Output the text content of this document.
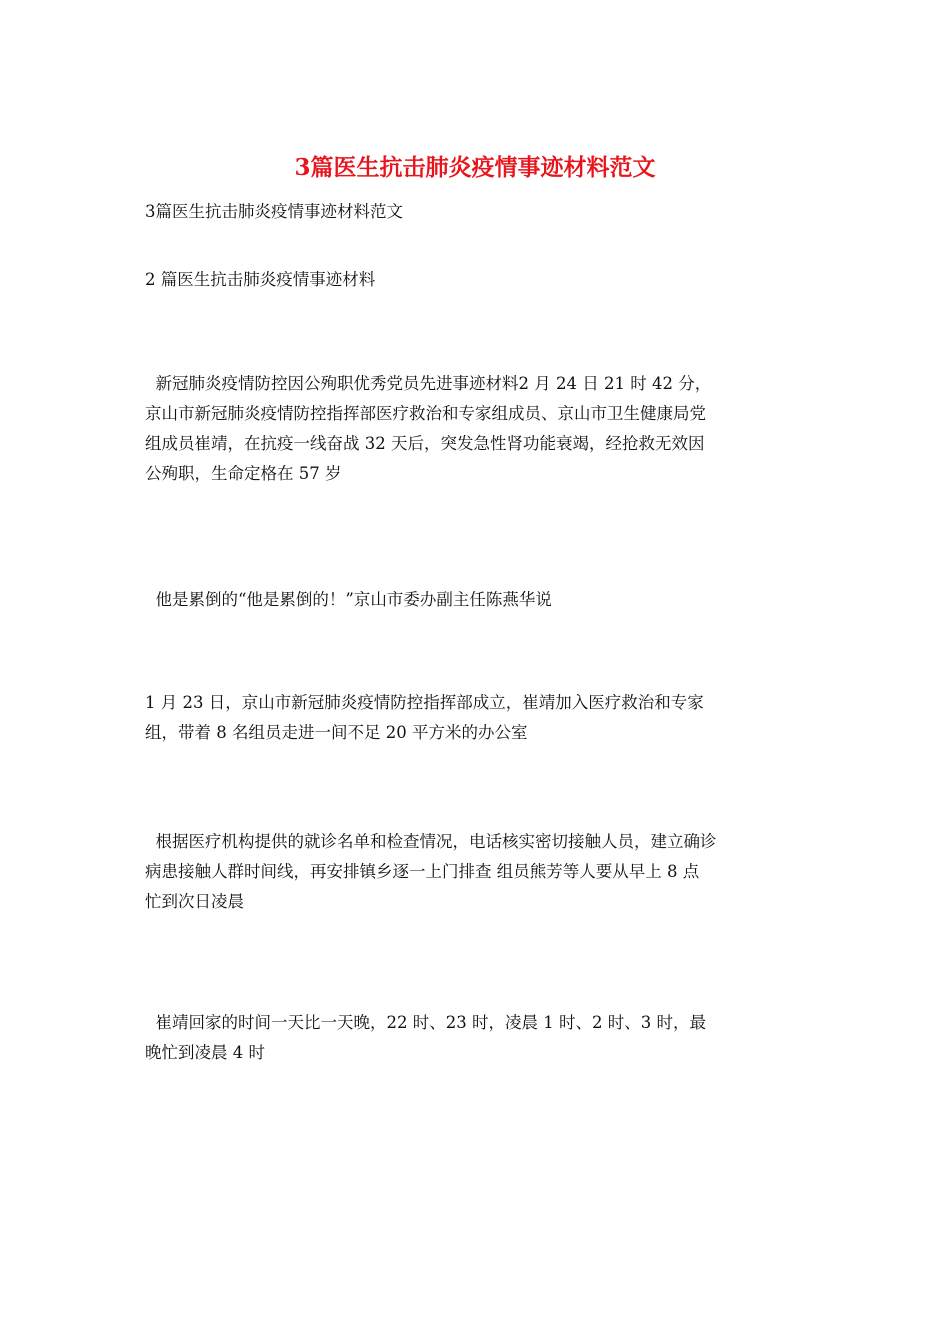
3篇医生抗击肺炎疫情事迹材料范文

3篇医生抗击肺炎疫情事迹材料范文

2 篇医生抗击肺炎疫情事迹材料

新冠肺炎疫情防控因公殉职优秀党员先进事迹材料2 月 24 日 21 时 42 分，
京山市新冠肺炎疫情防控指挥部医疗救治和专家组成员、京山市卫生健康局党
组成员崔靖，在抗疫一线奋战 32 天后，突发急性肾功能衰竭，经抢救无效因
公殉职，生命定格在 57 岁

他是累倒的“他是累倒的！”京山市委办副主任陈燕华说

1 月 23 日，京山市新冠肺炎疫情防控指挥部成立，崔靖加入医疗救治和专家
组，带着 8 名组员走进一间不足 20 平方米的办公室

根据医疗机构提供的就诊名单和检查情况，电话核实密切接触人员，建立确诊
病患接触人群时间线，再安排镇乡逐一上门排查 组员熊芳等人要从早上 8 点
忙到次日凌晨

崔靖回家的时间一天比一天晚，22 时、23 时，凌晨 1 时、2 时、3 时，最
晚忙到凌晨 4 时
